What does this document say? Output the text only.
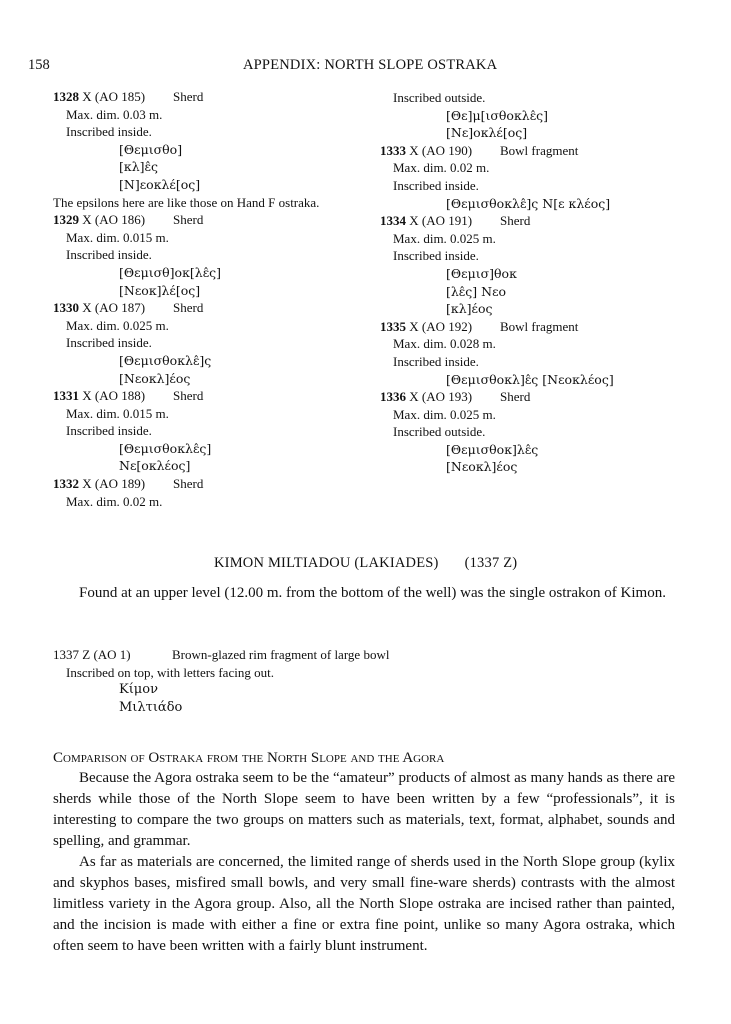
158	APPENDIX: NORTH SLOPE OSTRAKA
1328 X (AO 185) Sherd
Max. dim. 0.03 m.
Inscribed inside.
[Θεμισθο]
[κλ]ε̂ς
[Ν]εοκλέ[ος]
The epsilons here are like those on Hand F ostraka.
1329 X (AO 186) Sherd
Max. dim. 0.015 m.
Inscribed inside.
[Θεμισθ]οκ[λε̂ς]
[Νεοκ]λέ[ος]
1330 X (AO 187) Sherd
Max. dim. 0.025 m.
Inscribed inside.
[Θεμισθοκλε̂]ς
[Νεοκλ]έος
1331 X (AO 188) Sherd
Max. dim. 0.015 m.
Inscribed inside.
[Θεμισθοκλε̂ς]
Νε[οκλέος]
1332 X (AO 189) Sherd
Max. dim. 0.02 m.
Inscribed outside.
[Θε]μ[ισθοκλε̂ς]
[Νε]οκλέ[ος]
1333 X (AO 190) Bowl fragment
Max. dim. 0.02 m.
Inscribed inside.
[Θεμισθοκλε̂]ς Ν[ε κλέος]
1334 X (AO 191) Sherd
Max. dim. 0.025 m.
Inscribed inside.
[Θεμισ]θοκ
[λε̂ς] Νεο
[κλ]έος
1335 X (AO 192) Bowl fragment
Max. dim. 0.028 m.
Inscribed inside.
[Θεμισθοκλ]ε̂ς [Νεοκλέος]
1336 X (AO 193) Sherd
Max. dim. 0.025 m.
Inscribed outside.
[Θεμισθοκ]λε̂ς
[Νεοκλ]έος
KIMON MILTIADOU (LAKIADES) (1337 Z)
Found at an upper level (12.00 m. from the bottom of the well) was the single ostrakon of Kimon.
1337 Z (AO 1)	Brown-glazed rim fragment of large bowl
Inscribed on top, with letters facing out.
Κίμον
Μιλτιάδο
Comparison of Ostraka from the North Slope and the Agora
Because the Agora ostraka seem to be the “amateur” products of almost as many hands as there are sherds while those of the North Slope seem to have been written by a few “professionals”, it is interesting to compare the two groups on matters such as materials, text, format, alphabet, sounds and spelling, and grammar.
As far as materials are concerned, the limited range of sherds used in the North Slope group (kylix and skyphos bases, misfired small bowls, and very small fine-ware sherds) contrasts with the almost limitless variety in the Agora group. Also, all the North Slope ostraka are incised rather than painted, and the incision is made with either a fine or extra fine point, unlike so many Agora ostraka, which often seem to have been written with a fairly blunt instrument.
